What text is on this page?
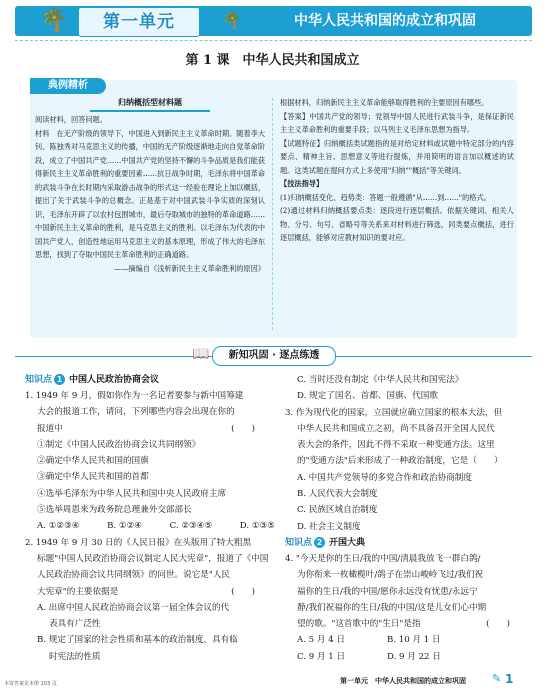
🌴	第一单元	🌴	中华人民共和国的成立和巩固
第 1 课　中华人民共和国成立
典例精析
归纳概括型材料题

阅读材料，回答问题。

材料　在无产阶级的领导下，中国进入到新民主主义革命时期。随着李大钊、陈独秀对马克思主义的传播，中国的无产阶级逐渐地走向自觉革命阶段，成立了中国共产党……中国共产党的坚持不懈的斗争品质是我们能获得新民主主义革命胜利的重要因素……抗日战争时期，毛泽东将中国革命的武装斗争在长时期内采取游击战争的形式这一经验在理论上加以概括，提出了关于武装斗争的总概念。正是基于对中国武装斗争实质的深刻认识，毛泽东开辟了以农村包围城市，最后夺取城市的独特的革命道路……中国新民主主义革命的胜利，是马克思主义的胜利。以毛泽东为代表的中国共产党人，创造性地运用马克思主义的基本原理，形成了伟大的毛泽东思想，找到了夺取中国民主革命胜利的正确道路。

——摘编自《浅析新民主主义革命胜利的原因》

根据材料，归纳新民主主义革命能够取得胜利的主要原因有哪些。

【答案】中国共产党的领导；党领导中国人民进行武装斗争，是保证新民主主义革命胜利的重要手段；以马列主义毛泽东思想为指导。

【试题特征】归纳概括类试题指的是对给定材料或试题中特定部分的内容要点、精神主旨、思想意义等进行提炼，并用简明的语言加以概述的试题。这类试题在提问方式上多使用"归纳""概括"等关键词。

【技法指导】

(1)归纳概括变化、趋势类：答题一般遵循"从……到……"的格式。

(2)通过材料归纳概括要点类：逐段进行逐层概括。依据关键词、相关人物、分号、句号、省略号等关系来对材料进行筛选，同类要点概括，进行逐层概括，能够对应教材知识的要对应。

📖	新知巩固 · 逐点练透
知识点 1 中国人民政治协商会议

1. 1949 年 9 月，假如你作为一名记者要参与新中国筹建

大会的报道工作，请问，下列哪些内容会出现在你的

报道中	(　　)

①制定《中国人民政治协商会议共同纲领》

②确定中华人民共和国的国旗

③确定中华人民共和国的首都

④选举毛泽东为中华人民共和国中央人民政府主席

⑤选举周恩来为政务院总理兼外交部部长

A. ①②③④	B. ①②④	C. ②③④⑤	D. ①③⑤

2. 1949 年 9 月 30 日的《人民日报》在头版用了特大粗黑

标题"中国人民政治协商会议制定人民大宪章"，报道了《中国

人民政治协商会议共同纲领》的问世。说它是"人民

大宪章"的主要依据是	(　　)

A. 出席中国人民政治协商会议第一届全体会议的代

表具有广泛性

B. 规定了国家的社会性质和基本的政治制度，具有临

时宪法的性质

C. 当时还没有制定《中华人民共和国宪法》

D. 规定了国名、首都、国旗、代国歌

3. 作为现代化的国家，立国就应确立国家的根本大法，但

中华人民共和国成立之初，尚不具备召开全国人民代

表大会的条件，因此不得不采取一种变通方法。这里

的"变通方法"后来形成了一种政治制度，它是（　　）

A. 中国共产党领导的多党合作和政治协商制度

B. 人民代表大会制度

C. 民族区域自治制度

D. 社会主义制度

知识点 2 开国大典

4. "今天是你的生日/我的中国/清晨我放飞一群白鸽/

为你衔来一枚橄榄叶/鸽子在崇山峻岭飞过/我们祝

福你的生日/我的中国/愿你永远没有忧患/永远宁

静/我们祝福你的生日/我的中国/这是儿女们心中期

望的歌。"这首歌中的"生日"是指	(　　)

A. 5 月 4 日	B. 10 月 1 日
C. 9 月 1 日	D. 9 月 22 日
本资答案见本册 103 页	第一单元　中华人民共和国的成立和巩固 ✎ 1
